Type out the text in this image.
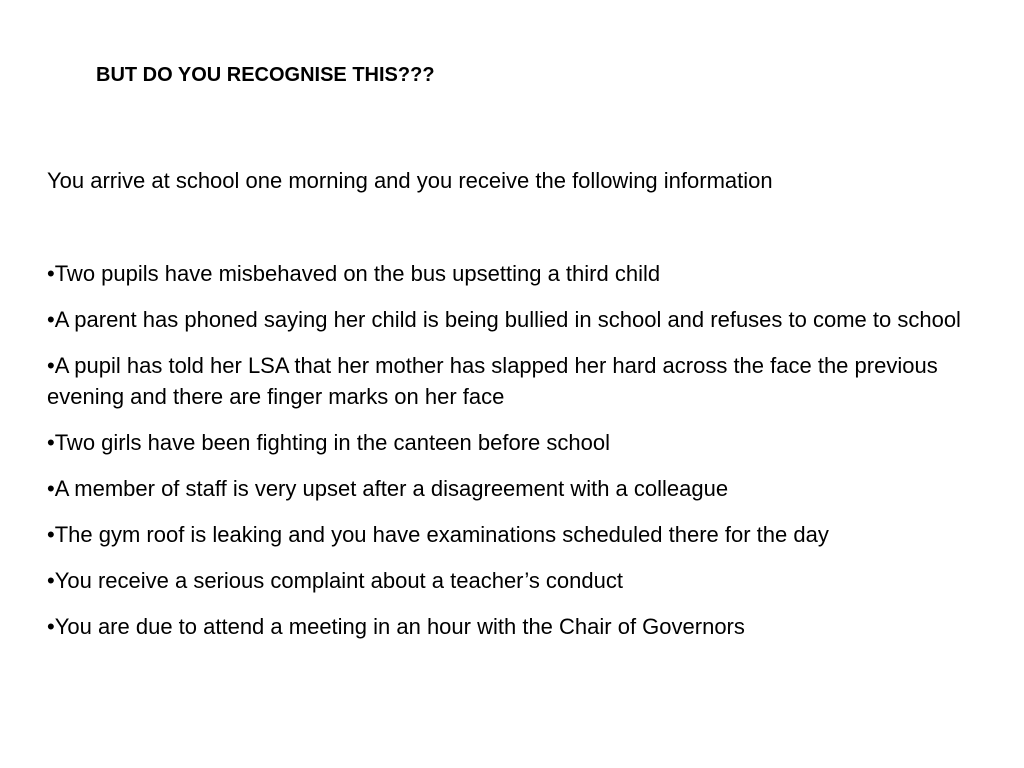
BUT DO YOU RECOGNISE THIS???
You arrive at school one morning and you receive the following information
•Two pupils have misbehaved on the bus upsetting a third child
•A parent has phoned saying her child is being bullied in school and refuses to come to school
•A pupil has told her LSA that her mother has slapped her hard across the face the previous evening and there are finger marks on her face
•Two girls have been fighting in the canteen before school
•A member of staff is very upset after a disagreement with a colleague
•The gym roof is leaking and you have examinations scheduled there for the day
•You receive a serious complaint about a teacher’s conduct
•You are due to attend a meeting in an hour with the Chair of Governors
